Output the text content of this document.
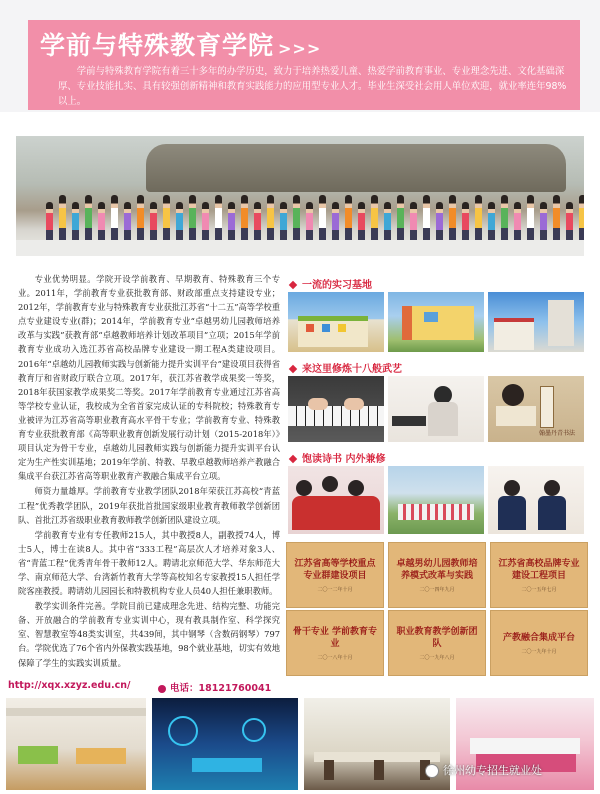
学前与特殊教育学院 >>>
学前与特殊教育学院有着三十多年的办学历史，致力于培养热爱儿童、热爱学前教育事业、专业理念先进、文化基础深厚、专业技能扎实、具有较强创新精神和教育实践能力的应用型专业人才。毕业生深受社会用人单位欢迎，就业率连年98%以上。

专业优势明显。学院开设学前教育、早期教育、特殊教育三个专业。2011年，学前教育专业获批教育部、财政部重点支持建设专业；2012年，学前教育专业与特殊教育专业获批江苏省“十二五”高等学校重点专业建设专业(群)；2014年，学前教育专业“卓越男幼儿园教师培养改革与实践”获教育部“卓越教师培养计划改革项目”立项；2015年学前教育专业成功入选江苏省高校品牌专业建设一期工程A类建设项目。2016年“卓越幼儿园教师实践与创新能力提升实训平台”建设项目获得省教育厅和省财政厅联合立项。2017年，获江苏省教学成果奖一等奖，2018年获国家教学成果奖二等奖。2017年学前教育专业通过江苏省高等学校专业认证，我校成为全省首家完成认证的专科院校；特殊教育专业被评为江苏省高等职业教育高水平骨干专业；学前教育专业、特殊教育专业获批教育部《高等职业教育创新发展行动计划（2015-2018年）》项目认定为骨干专业，卓越幼儿园教师实践与创新能力提升实训平台认定为生产性实训基地；2019年学前、特教、早教卓越教师培养产教融合集成平台获江苏省高等职业教育产教融合集成平台立项。

师资力量雄厚。学前教育专业教学团队2018年荣获江苏高校“青蓝工程”优秀教学团队，2019年获批首批国家级职业教育教师教学创新团队、首批江苏省级职业教育教师教学创新团队建设立项。

学前教育专业有专任教师215人，其中教授8人，副教授74人，博士5人，博士在读8人。其中省“333工程”高层次人才培养对象3人、省“青蓝工程”优秀青年骨干教师12人。聘请北京师范大学、华东师范大学、南京师范大学、台湾新竹教育大学等高校知名专家教授15人担任学院客座教授。聘请幼儿园园长和特教机构专业人员40人担任兼职教师。

教学实训条件完善。学院目前已建成理念先进、结构完整、功能完备、开放融合的学前教育专业实训中心，现有教具制作室、科学探究室、智慧教室等48类实训室，共439间，其中钢琴（含数码钢琴）797台。学院优选了76个省内外保教实践基地，98个就业基地，切实有效地保障了学生的实践实训质量。

一流的实习基地
来这里修炼十八般武艺
翰墨丹青书法
饱读诗书 内外兼修
江苏省高等学校重点专业群建设项目
二〇一二年十月
卓越男幼儿园教师培养模式改革与实践
二〇一四年九月
江苏省高校品牌专业建设工程项目
二〇一五年七月
骨干专业 学前教育专业
二〇一八年十月
职业教育教学创新团队
二〇一九年八月
产教融合集成平台
二〇一九年十月
http://xqx.xzyz.edu.cn/	电话：18121760041
徐州幼专招生就业处
